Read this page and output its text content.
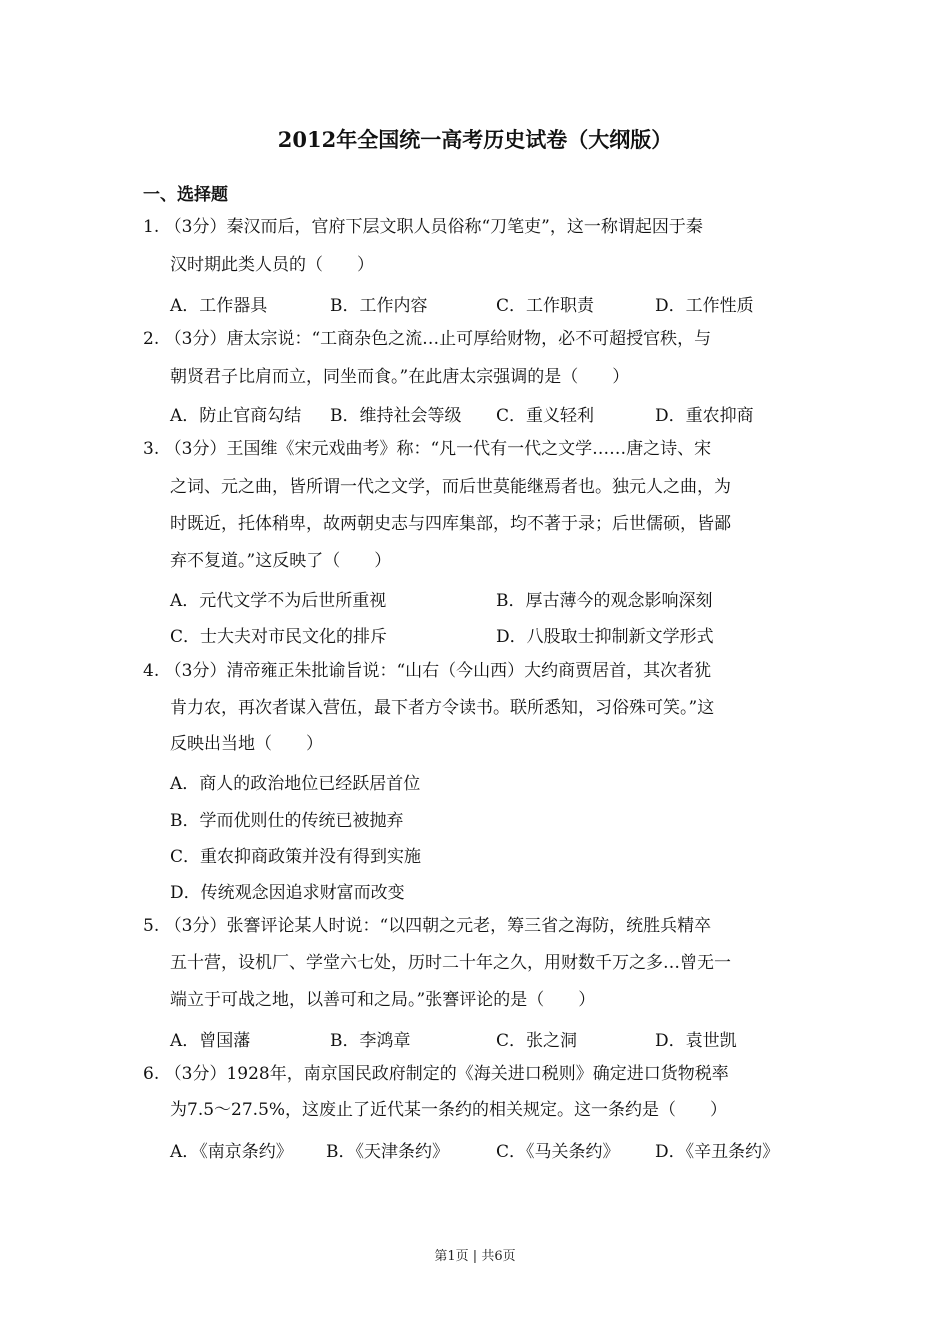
2012年全国统一高考历史试卷（大纲版）
一、选择题
1. （3分）秦汉而后，官府下层文职人员俗称“刀笔吏”，这一称谓起因于秦
汉时期此类人员的（　　）
A．工作器具	B．工作内容	C．工作职责	D．工作性质
2. （3分）唐太宗说：“工商杂色之流…止可厚给财物，必不可超授官秩，与
朝贤君子比肩而立，同坐而食。”在此唐太宗强调的是（　　）
A．防止官商勾结 B．维持社会等级 C．重义轻利	D．重农抑商
3. （3分）王国维《宋元戏曲考》称：“凡一代有一代之文学……唐之诗、宋
之词、元之曲，皆所谓一代之文学，而后世莫能继焉者也。独元人之曲，为
时既近，托体稍卑，故两朝史志与四库集部，均不著于录；后世儒硕，皆鄙
弃不复道。”这反映了（　　）
A．元代文学不为后世所重视	B．厚古薄今的观念影响深刻
C．士大夫对市民文化的排斥	D．八股取士抑制新文学形式
4. （3分）清帝雍正朱批谕旨说：“山右（今山西）大约商贾居首，其次者犹
肯力农，再次者谋入营伍，最下者方令读书。联所悉知，习俗殊可笑。”这
反映出当地（　　）
A．商人的政治地位已经跃居首位
B．学而优则仕的传统已被抛弃
C．重农抑商政策并没有得到实施
D．传统观念因追求财富而改变
5. （3分）张謇评论某人时说：“以四朝之元老，筹三省之海防，统胜兵精卒
五十营，设机厂、学堂六七处，历时二十年之久，用财数千万之多…曾无一
端立于可战之地，以善可和之局。”张謇评论的是（　　）
A．曾国藩	B．李鸿章	C．张之洞	D．袁世凯
6. （3分）1928年，南京国民政府制定的《海关进口税则》确定进口货物税率
为7.5～27.5%，这废止了近代某一条约的相关规定。这一条约是（　　）
A．《南京条约》 B．《天津条约》	C．《马关条约》 D．《辛丑条约》
第1页 | 共6页
